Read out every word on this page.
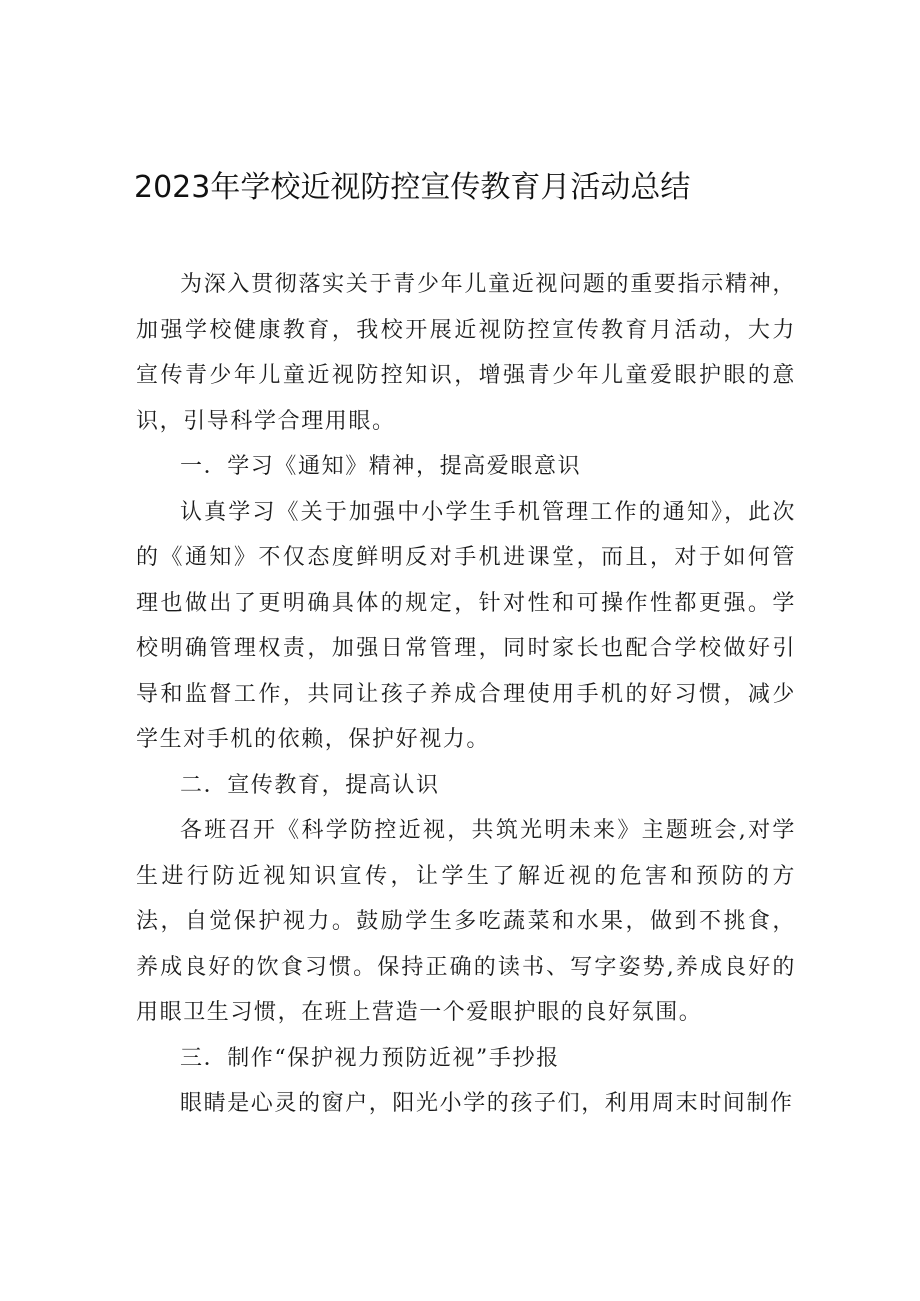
2023年学校近视防控宣传教育月活动总结

为深入贯彻落实关于青少年儿童近视问题的重要指示精神，加强学校健康教育，我校开展近视防控宣传教育月活动，大力宣传青少年儿童近视防控知识，增强青少年儿童爱眼护眼的意识，引导科学合理用眼。

一．学习《通知》精神，提高爱眼意识

认真学习《关于加强中小学生手机管理工作的通知》，此次的《通知》不仅态度鲜明反对手机进课堂，而且，对于如何管理也做出了更明确具体的规定，针对性和可操作性都更强。学校明确管理权责，加强日常管理，同时家长也配合学校做好引导和监督工作，共同让孩子养成合理使用手机的好习惯，减少学生对手机的依赖，保护好视力。

二．宣传教育，提高认识

各班召开《科学防控近视，共筑光明未来》主题班会,对学生进行防近视知识宣传，让学生了解近视的危害和预防的方法，自觉保护视力。鼓励学生多吃蔬菜和水果，做到不挑食，养成良好的饮食习惯。保持正确的读书、写字姿势,养成良好的用眼卫生习惯，在班上营造一个爱眼护眼的良好氛围。

三．制作“保护视力预防近视”手抄报

眼睛是心灵的窗户，阳光小学的孩子们，利用周末时间制作
